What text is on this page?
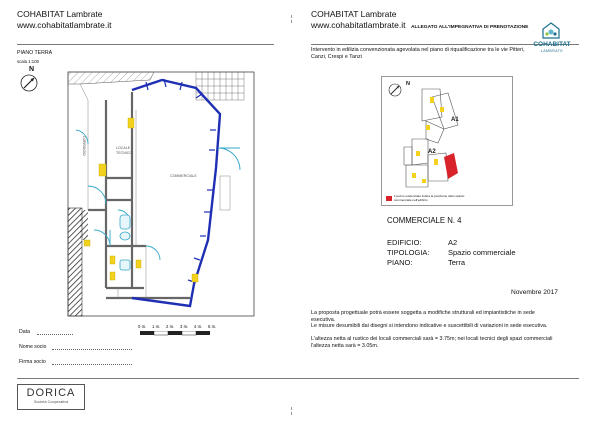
COHABITAT Lambrate
www.cohabitatlambrate.it
PIANO TERRA
scala 1:100
N
LOCALE
TECNICO
COMMERCIALE
CORRIDOIO
0 m. 1 m. 2 m. 3 m. 4 m. 5 m.
Data
Nome socio
Firma socio
COHABITAT Lambrate
www.cohabitatlambrate.it ALLEGATO ALL'IMPEGNATIVA DI PRENOTAZIONE
Intervento in edilizia convenzionata agevolata nel piano di riqualificazione tra le vie Pitteri, Canzi, Crespi e Tanzi
COHABITAT
LAMBRATE
N
A1
A2
il pezzo evidenziato indica la posizione dello spazio commerciale nell'edificio
COMMERCIALE N. 4
EDIFICIO:	A2
TIPOLOGIA: Spazio commerciale
PIANO:	Terra
Novembre 2017
La proposta progettuale potrà essere soggetta a modifiche strutturali ed impiantistiche in sede esecutiva.
Le misure desumibili dai disegni si intendono indicative e suscettibili di variazioni in sede esecutiva.
L'altezza netta al rustico dei locali commerciali sarà = 3.75m; nei locali tecnici degli spazi commerciali l'altezza netta sarà = 3.05m.
DORICA
Società Cooperativa
